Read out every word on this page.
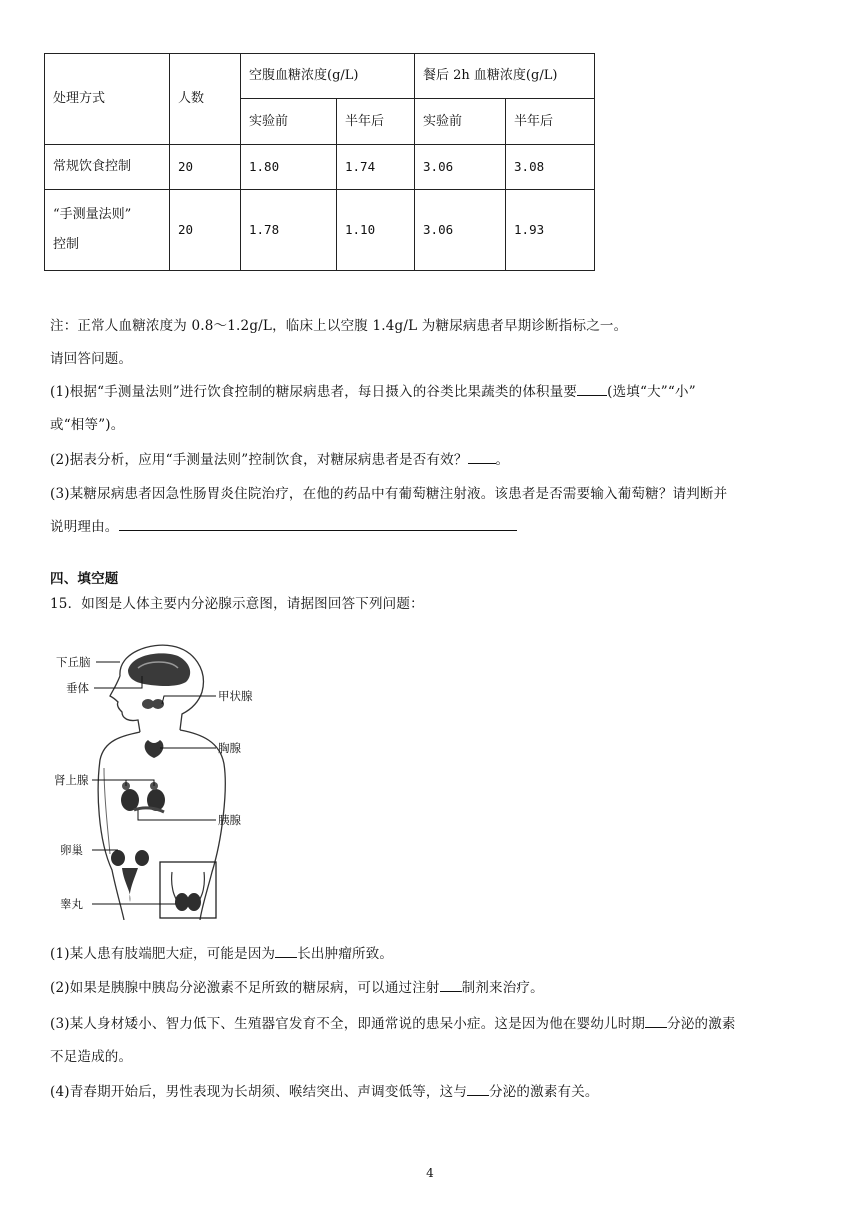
处理方式	人数	空腹血糖浓度(g/L)		餐后 2h 血糖浓度(g/L)	
		实验前	半年后	实验前	半年后
常规饮食控制	20	1.80	1.74	3.06	3.08
“手测量法则”
控制	20	1.78	1.10	3.06	1.93
注：正常人血糖浓度为 0.8～1.2g/L，临床上以空腹 1.4g/L 为糖尿病患者早期诊断指标之一。
请回答问题。
(1)根据“手测量法则”进行饮食控制的糖尿病患者，每日摄入的谷类比果蔬类的体积量要 (选填“大”“小”
或“相等”)。
(2)据表分析，应用“手测量法则”控制饮食，对糖尿病患者是否有效？ 。
(3)某糖尿病患者因急性肠胃炎住院治疗，在他的药品中有葡萄糖注射液。该患者是否需要输入葡萄糖？请判断并
说明理由。
四、填空题
15．如图是人体主要内分泌腺示意图，请据图回答下列问题：
下丘脑
垂体
甲状腺
胸腺
肾上腺
胰腺
卵巢
睾丸
(1)某人患有肢端肥大症，可能是因为 长出肿瘤所致。
(2)如果是胰腺中胰岛分泌激素不足所致的糖尿病，可以通过注射 制剂来治疗。
(3)某人身材矮小、智力低下、生殖器官发育不全，即通常说的患呆小症。这是因为他在婴幼儿时期 分泌的激素
不足造成的。
(4)青春期开始后，男性表现为长胡须、喉结突出、声调变低等，这与 分泌的激素有关。
4
